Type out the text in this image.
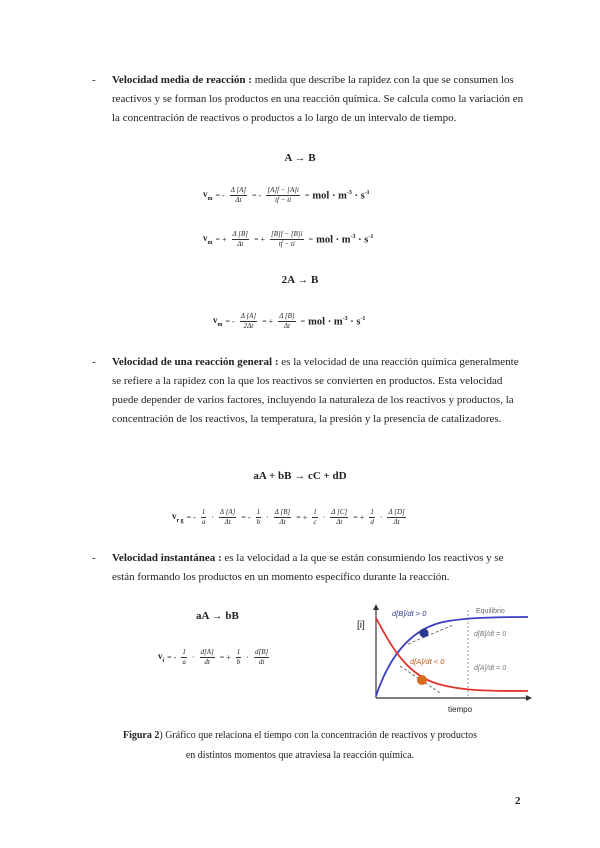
- Velocidad media de reacción : medida que describe la rapidez con la que se consumen los reactivos y se forman los productos en una reacción química. Se calcula como la variación en la concentración de reactivos o productos a lo largo de un intervalo de tiempo.
A → B
$v_m$ = - $\frac{\Delta [A]}{\Delta t}$ = - $\frac{[A]f - [A]i}{tf - ti}$ = mol · $m^{-3} \cdot s^{-1}$
$v_m$ = + $\frac{\Delta [B]}{\Delta t}$ = + $\frac{[B]f - [B]i}{tf - ti}$ = mol · $m^{-3} \cdot s^{-1}$
2A → B
$v_m$ = - $\frac{\Delta [A]}{2\Delta t}$ = + $\frac{\Delta [B]}{\Delta t}$ = mol · $m^{-3} \cdot s^{-1}$
- Velocidad de una reacción general : es la velocidad de una reacción química generalmente se refiere a la rapidez con la que los reactivos se convierten en productos. Esta velocidad puede depender de varios factores, incluyendo la naturaleza de los reactivos y productos, la concentración de los reactivos, la temperatura, la presión y la presencia de catalizadores.
aA + bB → cC + dD
$v_{r g}$ = - $\frac{1}{a} \cdot \frac{\Delta [A]}{\Delta t}$ = - $\frac{1}{b} \cdot \frac{\Delta [B]}{\Delta t}$ = + $\frac{1}{c} \cdot \frac{\Delta [C]}{\Delta t}$ = + $\frac{1}{d} \cdot \frac{\Delta [D]}{\Delta t}$
- Velocidad instantánea : es la velocidad a la que se están consumiendo los reactivos y se están formando los productos en un momento específico durante la reacción.
aA → bB
$v_i$ = - $\frac{1}{a} \cdot \frac{d[A]}{dt}$ = + $\frac{1}{b} \cdot \frac{d[B]}{dt}$
[i]
tiempo
Equilibrio
d[B]/dt > 0
d[A]/dt < 0
d[B]/dt = 0
d[A]/dt = 0
Figura 2) Gráfico que relaciona el tiempo con la concentración de reactivos y productos
en distintos momentos que atraviesa la reacción química.
2
